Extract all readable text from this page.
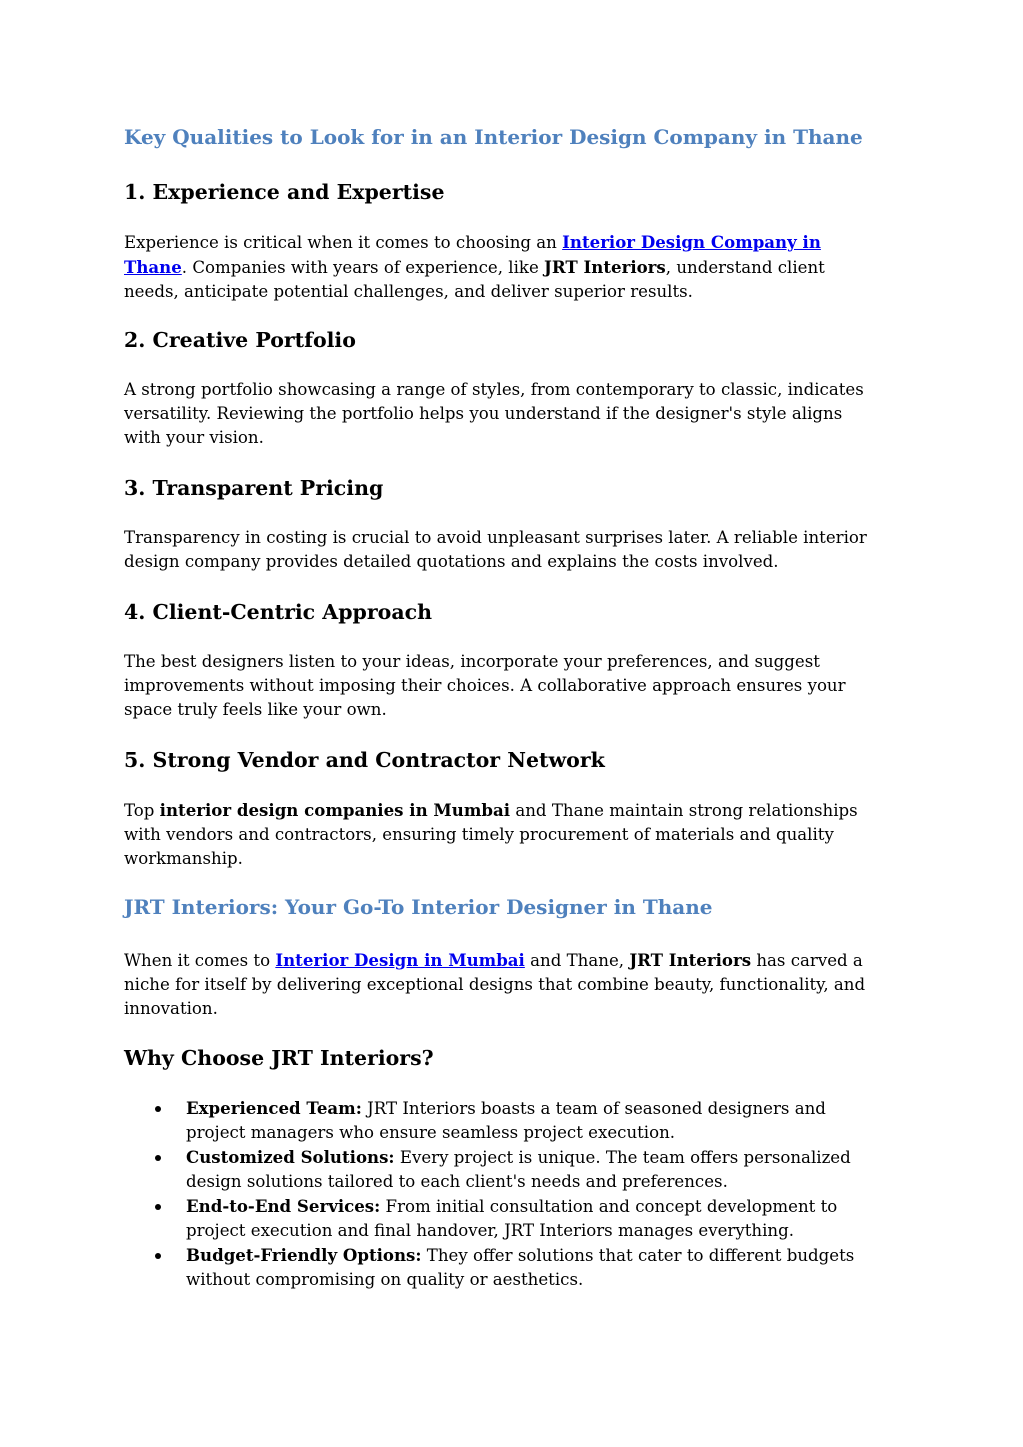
Key Qualities to Look for in an Interior Design Company in Thane
1. Experience and Expertise

Experience is critical when it comes to choosing an Interior Design Company in
Thane. Companies with years of experience, like JRT Interiors, understand client
needs, anticipate potential challenges, and deliver superior results.

2. Creative Portfolio

A strong portfolio showcasing a range of styles, from contemporary to classic, indicates
versatility. Reviewing the portfolio helps you understand if the designer's style aligns
with your vision.

3. Transparent Pricing

Transparency in costing is crucial to avoid unpleasant surprises later. A reliable interior
design company provides detailed quotations and explains the costs involved.

4. Client-Centric Approach

The best designers listen to your ideas, incorporate your preferences, and suggest
improvements without imposing their choices. A collaborative approach ensures your
space truly feels like your own.

5. Strong Vendor and Contractor Network

Top interior design companies in Mumbai and Thane maintain strong relationships
with vendors and contractors, ensuring timely procurement of materials and quality
workmanship.

JRT Interiors: Your Go-To Interior Designer in Thane

When it comes to Interior Design in Mumbai and Thane, JRT Interiors has carved a
niche for itself by delivering exceptional designs that combine beauty, functionality, and
innovation.

Why Choose JRT Interiors?
Experienced Team: JRT Interiors boasts a team of seasoned designers and
project managers who ensure seamless project execution.
Customized Solutions: Every project is unique. The team offers personalized
design solutions tailored to each client's needs and preferences.
End-to-End Services: From initial consultation and concept development to
project execution and final handover, JRT Interiors manages everything.
Budget-Friendly Options: They offer solutions that cater to different budgets
without compromising on quality or aesthetics.
